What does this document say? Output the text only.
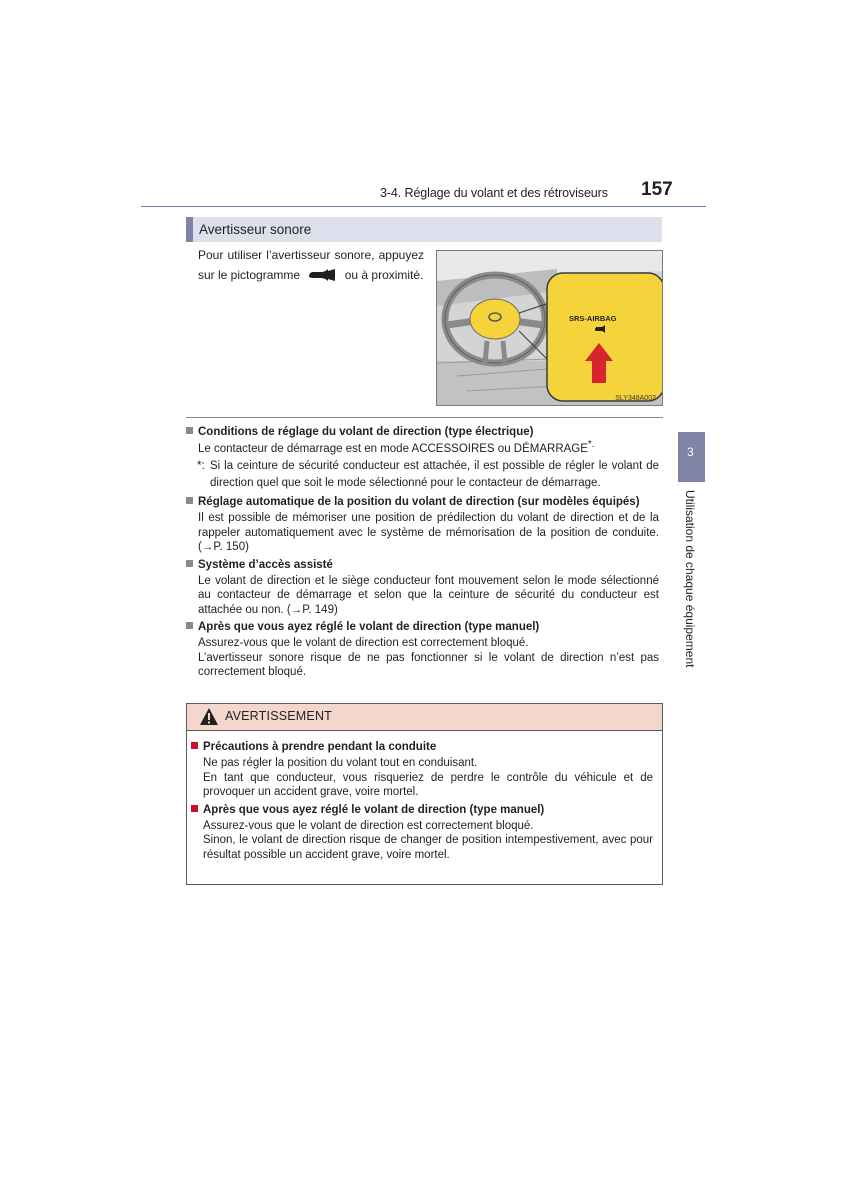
3-4. Réglage du volant et des rétroviseurs 157
Avertisseur sonore

Pour utiliser l’avertisseur sonore, appuyez sur le pictogramme	ou à proximité.

SRS-AIRBAG
SLY348A002
Conditions de réglage du volant de direction (type électrique)

Le contacteur de démarrage est en mode ACCESSOIRES ou DÉMARRAGE*.

*: Si la ceinture de sécurité conducteur est attachée, il est possible de régler le volant de direction quel que soit le mode sélectionné pour le contacteur de démarrage.

Réglage automatique de la position du volant de direction (sur modèles équipés)

Il est possible de mémoriser une position de prédilection du volant de direction et de la rappeler automatiquement avec le système de mémorisation de la position de conduite. (→P. 150)

Système d’accès assisté

Le volant de direction et le siège conducteur font mouvement selon le mode sélectionné au contacteur de démarrage et selon que la ceinture de sécurité du conducteur est attachée ou non. (→P. 149)

Après que vous ayez réglé le volant de direction (type manuel)

Assurez-vous que le volant de direction est correctement bloqué.

L’avertisseur sonore risque de ne pas fonctionner si le volant de direction n’est pas correctement bloqué.

AVERTISSEMENT
Précautions à prendre pendant la conduite

Ne pas régler la position du volant tout en conduisant.

En tant que conducteur, vous risqueriez de perdre le contrôle du véhicule et de provoquer un accident grave, voire mortel.

Après que vous ayez réglé le volant de direction (type manuel)

Assurez-vous que le volant de direction est correctement bloqué.

Sinon, le volant de direction risque de changer de position intempestivement, avec pour résultat possible un accident grave, voire mortel.

3
Utilisation de chaque équipement
